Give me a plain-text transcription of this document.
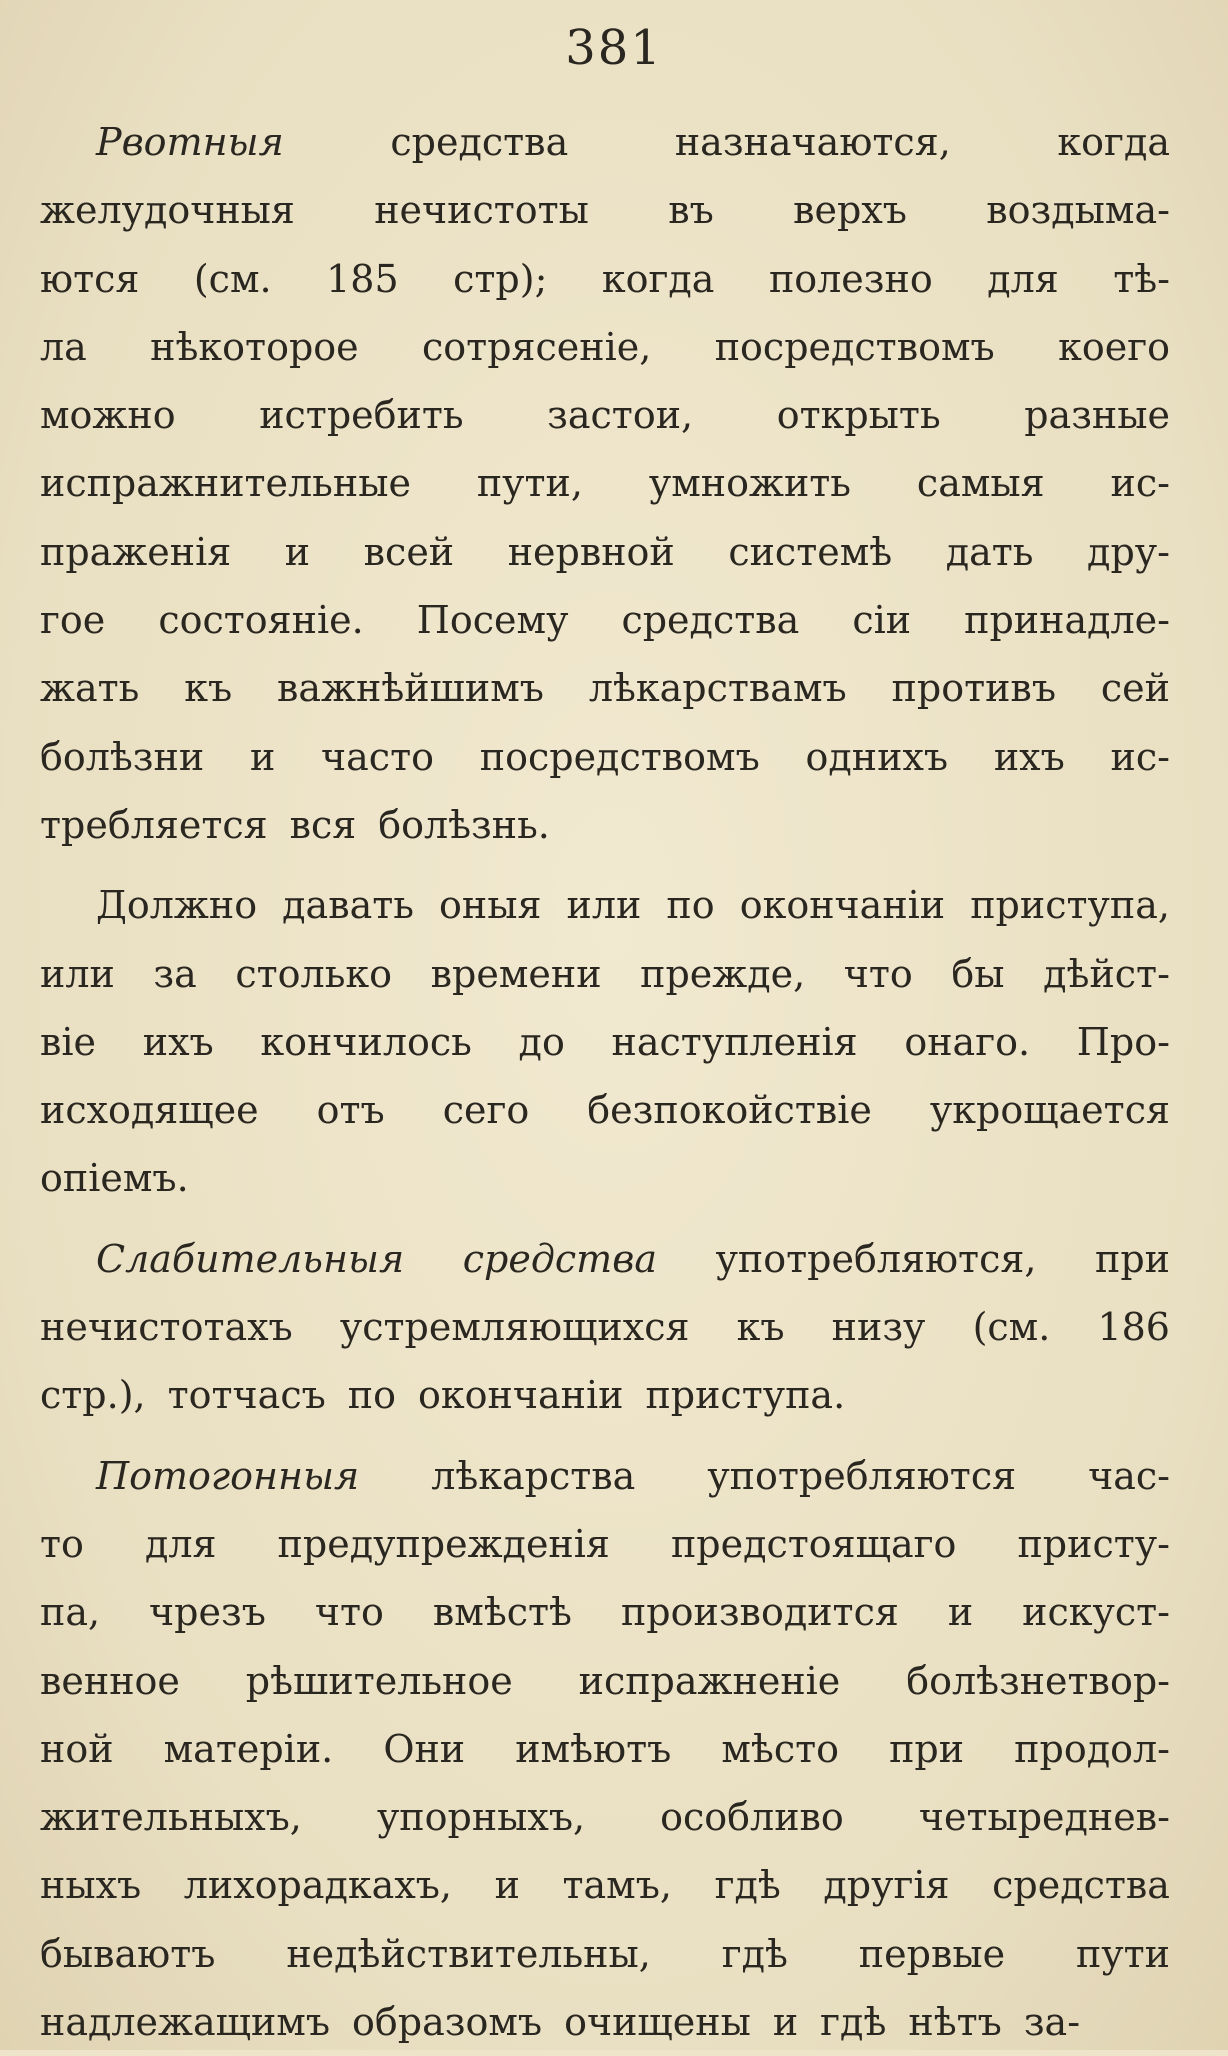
381
Рвотныя	средства	назначаются,	когда
желудочныя нечистоты въ верхъ воздыма-
ются (см. 185 стр); когда полезно для тѣ-
ла нѣкоторое сотрясеніе, посредствомъ коего
можно истребить застои, открыть разные
испражнительные пути, умножить самыя ис-
праженія и всей нервной системѣ дать дру-
гое состояніе. Посему средства сіи принадле-
жать къ важнѣйшимъ лѣкарствамъ противъ сей
болѣзни и часто посредствомъ однихъ ихъ ис-
требляется вся болѣзнь.
Должно давать оныя или по окончаніи приступа,
или за столько времени прежде, что бы дѣйст-
віе ихъ кончилось до наступленія онаго. Про-
исходящее отъ сего безпокойствіе укрощается
опіемъ.
Слабительныя средства употребляются, при
нечистотахъ устремляющихся къ низу (см. 186
стр.), тотчасъ по окончаніи приступа.
Потогонныя лѣкарства употребляются час-
то для предупрежденія предстоящаго присту-
па, чрезъ что вмѣстѣ производится и искуст-
венное рѣшительное испражненіе болѣзнетвор-
ной матеріи. Они имѣютъ мѣсто при продол-
жительныхъ, упорныхъ, особливо четыреднев-
ныхъ лихорадкахъ, и тамъ, гдѣ другія средства
бываютъ недѣйствительны, гдѣ первые пути
надлежащимъ образомъ очищены и гдѣ нѣтъ за-
